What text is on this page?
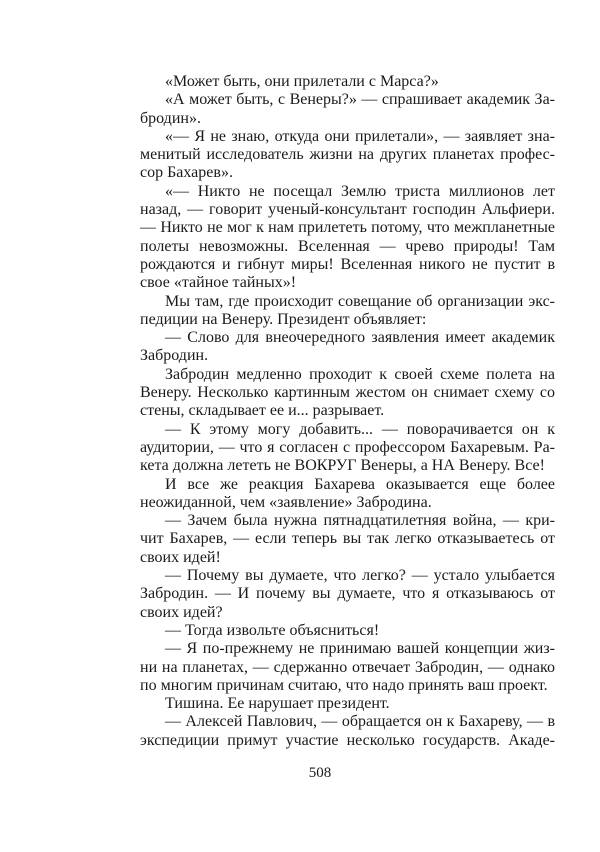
«Может быть, они прилетали с Марса?»
«А может быть, с Венеры?» — спрашивает академик За-
бродин».
«— Я не знаю, откуда они прилетали», — заявляет зна-
менитый исследователь жизни на других планетах профес-
сор Бахарев».
«— Никто не посещал Землю триста миллионов лет
назад, — говорит ученый-консультант господин Альфиери.
— Никто не мог к нам прилететь потому, что межпланетные
полеты невозможны. Вселенная — чрево природы! Там
рождаются и гибнут миры! Вселенная никого не пустит в
свое «тайное тайных»!
Мы там, где происходит совещание об организации экс-
педиции на Венеру. Президент объявляет:
— Слово для внеочередного заявления имеет академик
Забродин.
Забродин медленно проходит к своей схеме полета на
Венеру. Несколько картинным жестом он снимает схему со
стены, складывает ее и... разрывает.
— К этому могу добавить... — поворачивается он к
аудитории, — что я согласен с профессором Бахаревым. Ра-
кета должна лететь не ВОКРУГ Венеры, а НА Венеру. Все!
И все же реакция Бахарева оказывается еще более
неожиданной, чем «заявление» Забродина.
— Зачем была нужна пятнадцатилетняя война, — кри-
чит Бахарев, — если теперь вы так легко отказываетесь от
своих идей!
— Почему вы думаете, что легко? — устало улыбается
Забродин. — И почему вы думаете, что я отказываюсь от
своих идей?
— Тогда извольте объясниться!
— Я по-прежнему не принимаю вашей концепции жиз-
ни на планетах, — сдержанно отвечает Забродин, — однако
по многим причинам считаю, что надо принять ваш проект.
Тишина. Ее нарушает президент.
— Алексей Павлович, — обращается он к Бахареву, — в
экспедиции примут участие несколько государств. Акаде-
508
